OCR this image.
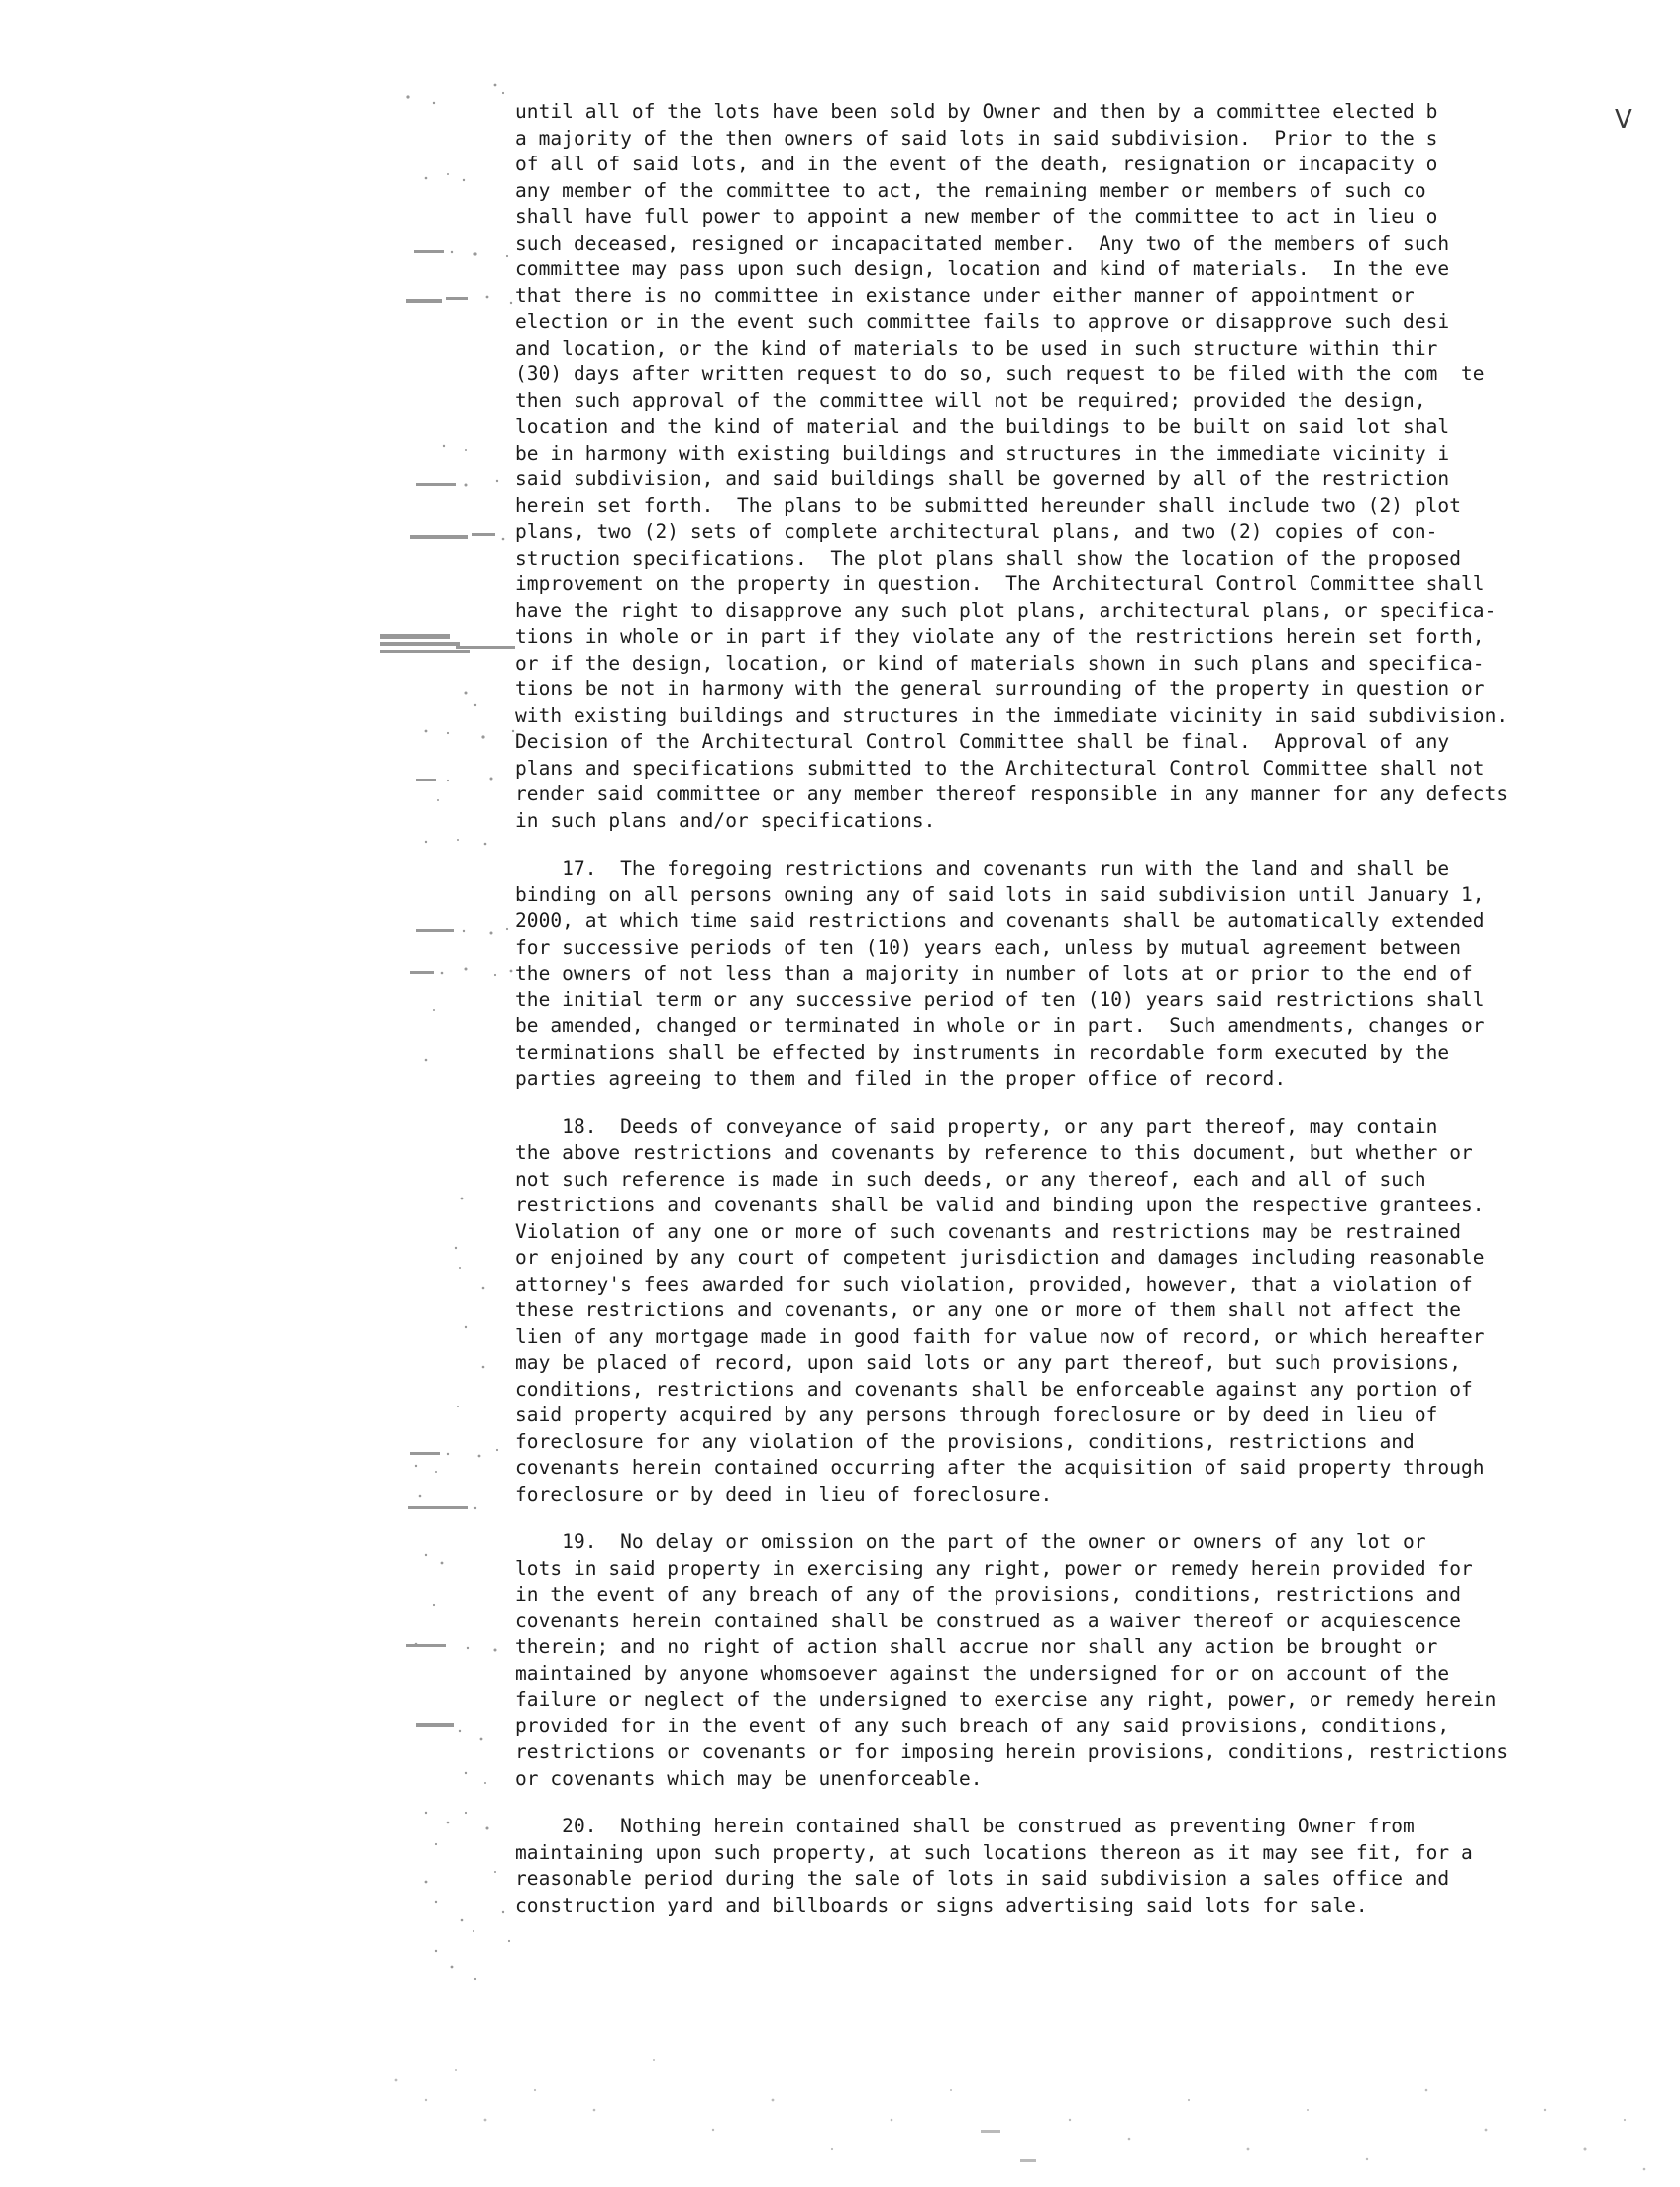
V
until all of the lots have been sold by Owner and then by a committee elected b
a majority of the then owners of said lots in said subdivision.  Prior to the s
of all of said lots, and in the event of the death, resignation or incapacity o
any member of the committee to act, the remaining member or members of such co
shall have full power to appoint a new member of the committee to act in lieu o
such deceased, resigned or incapacitated member.  Any two of the members of such
committee may pass upon such design, location and kind of materials.  In the eve
that there is no committee in existance under either manner of appointment or
election or in the event such committee fails to approve or disapprove such desi
and location, or the kind of materials to be used in such structure within thir
(30) days after written request to do so, such request to be filed with the com  te
then such approval of the committee will not be required; provided the design,
location and the kind of material and the buildings to be built on said lot shal
be in harmony with existing buildings and structures in the immediate vicinity i
said subdivision, and said buildings shall be governed by all of the restriction
herein set forth.  The plans to be submitted hereunder shall include two (2) plot
plans, two (2) sets of complete architectural plans, and two (2) copies of con-
struction specifications.  The plot plans shall show the location of the proposed
improvement on the property in question.  The Architectural Control Committee shall
have the right to disapprove any such plot plans, architectural plans, or specifica-
tions in whole or in part if they violate any of the restrictions herein set forth,
or if the design, location, or kind of materials shown in such plans and specifica-
tions be not in harmony with the general surrounding of the property in question or
with existing buildings and structures in the immediate vicinity in said subdivision.
Decision of the Architectural Control Committee shall be final.  Approval of any
plans and specifications submitted to the Architectural Control Committee shall not
render said committee or any member thereof responsible in any manner for any defects
in such plans and/or specifications.
17.  The foregoing restrictions and covenants run with the land and shall be
binding on all persons owning any of said lots in said subdivision until January 1,
2000, at which time said restrictions and covenants shall be automatically extended
for successive periods of ten (10) years each, unless by mutual agreement between
the owners of not less than a majority in number of lots at or prior to the end of
the initial term or any successive period of ten (10) years said restrictions shall
be amended, changed or terminated in whole or in part.  Such amendments, changes or
terminations shall be effected by instruments in recordable form executed by the
parties agreeing to them and filed in the proper office of record.
18.  Deeds of conveyance of said property, or any part thereof, may contain
the above restrictions and covenants by reference to this document, but whether or
not such reference is made in such deeds, or any thereof, each and all of such
restrictions and covenants shall be valid and binding upon the respective grantees.
Violation of any one or more of such covenants and restrictions may be restrained
or enjoined by any court of competent jurisdiction and damages including reasonable
attorney's fees awarded for such violation, provided, however, that a violation of
these restrictions and covenants, or any one or more of them shall not affect the
lien of any mortgage made in good faith for value now of record, or which hereafter
may be placed of record, upon said lots or any part thereof, but such provisions,
conditions, restrictions and covenants shall be enforceable against any portion of
said property acquired by any persons through foreclosure or by deed in lieu of
foreclosure for any violation of the provisions, conditions, restrictions and
covenants herein contained occurring after the acquisition of said property through
foreclosure or by deed in lieu of foreclosure.
19.  No delay or omission on the part of the owner or owners of any lot or
lots in said property in exercising any right, power or remedy herein provided for
in the event of any breach of any of the provisions, conditions, restrictions and
covenants herein contained shall be construed as a waiver thereof or acquiescence
therein; and no right of action shall accrue nor shall any action be brought or
maintained by anyone whomsoever against the undersigned for or on account of the
failure or neglect of the undersigned to exercise any right, power, or remedy herein
provided for in the event of any such breach of any said provisions, conditions,
restrictions or covenants or for imposing herein provisions, conditions, restrictions
or covenants which may be unenforceable.
20.  Nothing herein contained shall be construed as preventing Owner from
maintaining upon such property, at such locations thereon as it may see fit, for a
reasonable period during the sale of lots in said subdivision a sales office and
construction yard and billboards or signs advertising said lots for sale.
